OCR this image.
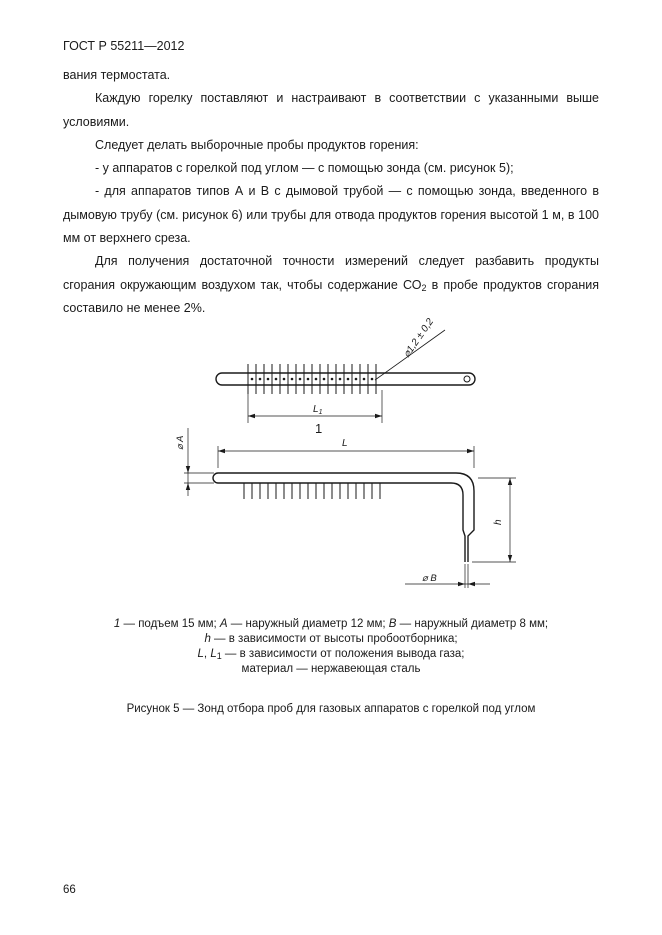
ГОСТ Р 55211—2012

вания термостата.

Каждую горелку поставляют и настраивают в соответствии с указанными выше условиями.

Следует делать выборочные пробы продуктов горения:

- у аппаратов с горелкой под углом — с помощью зонда (см. рисунок 5);

- для аппаратов типов А и В с дымовой трубой — с помощью зонда, введенного в дымовую трубу (см. рисунок 6) или трубы для отвода продуктов горения высотой 1 м, в 100 мм от верхнего среза.

Для получения достаточной точности измерений следует разбавить продукты сгорания окружающим воздухом так, чтобы содержание $СО_2$ в пробе продуктов сгорания составило не менее 2%.

⌀1,2 ± 0,2
$L_1$
1
L
⌀ A
h
⌀ B
1 — подъем 15 мм; A — наружный диаметр 12 мм; B — наружный диаметр 8 мм;
h — в зависимости от высоты пробоотборника;
L, $L_1$ — в зависимости от положения вывода газа;
материал — нержавеющая сталь
Рисунок 5 — Зонд отбора проб для газовых аппаратов с горелкой под углом
66
